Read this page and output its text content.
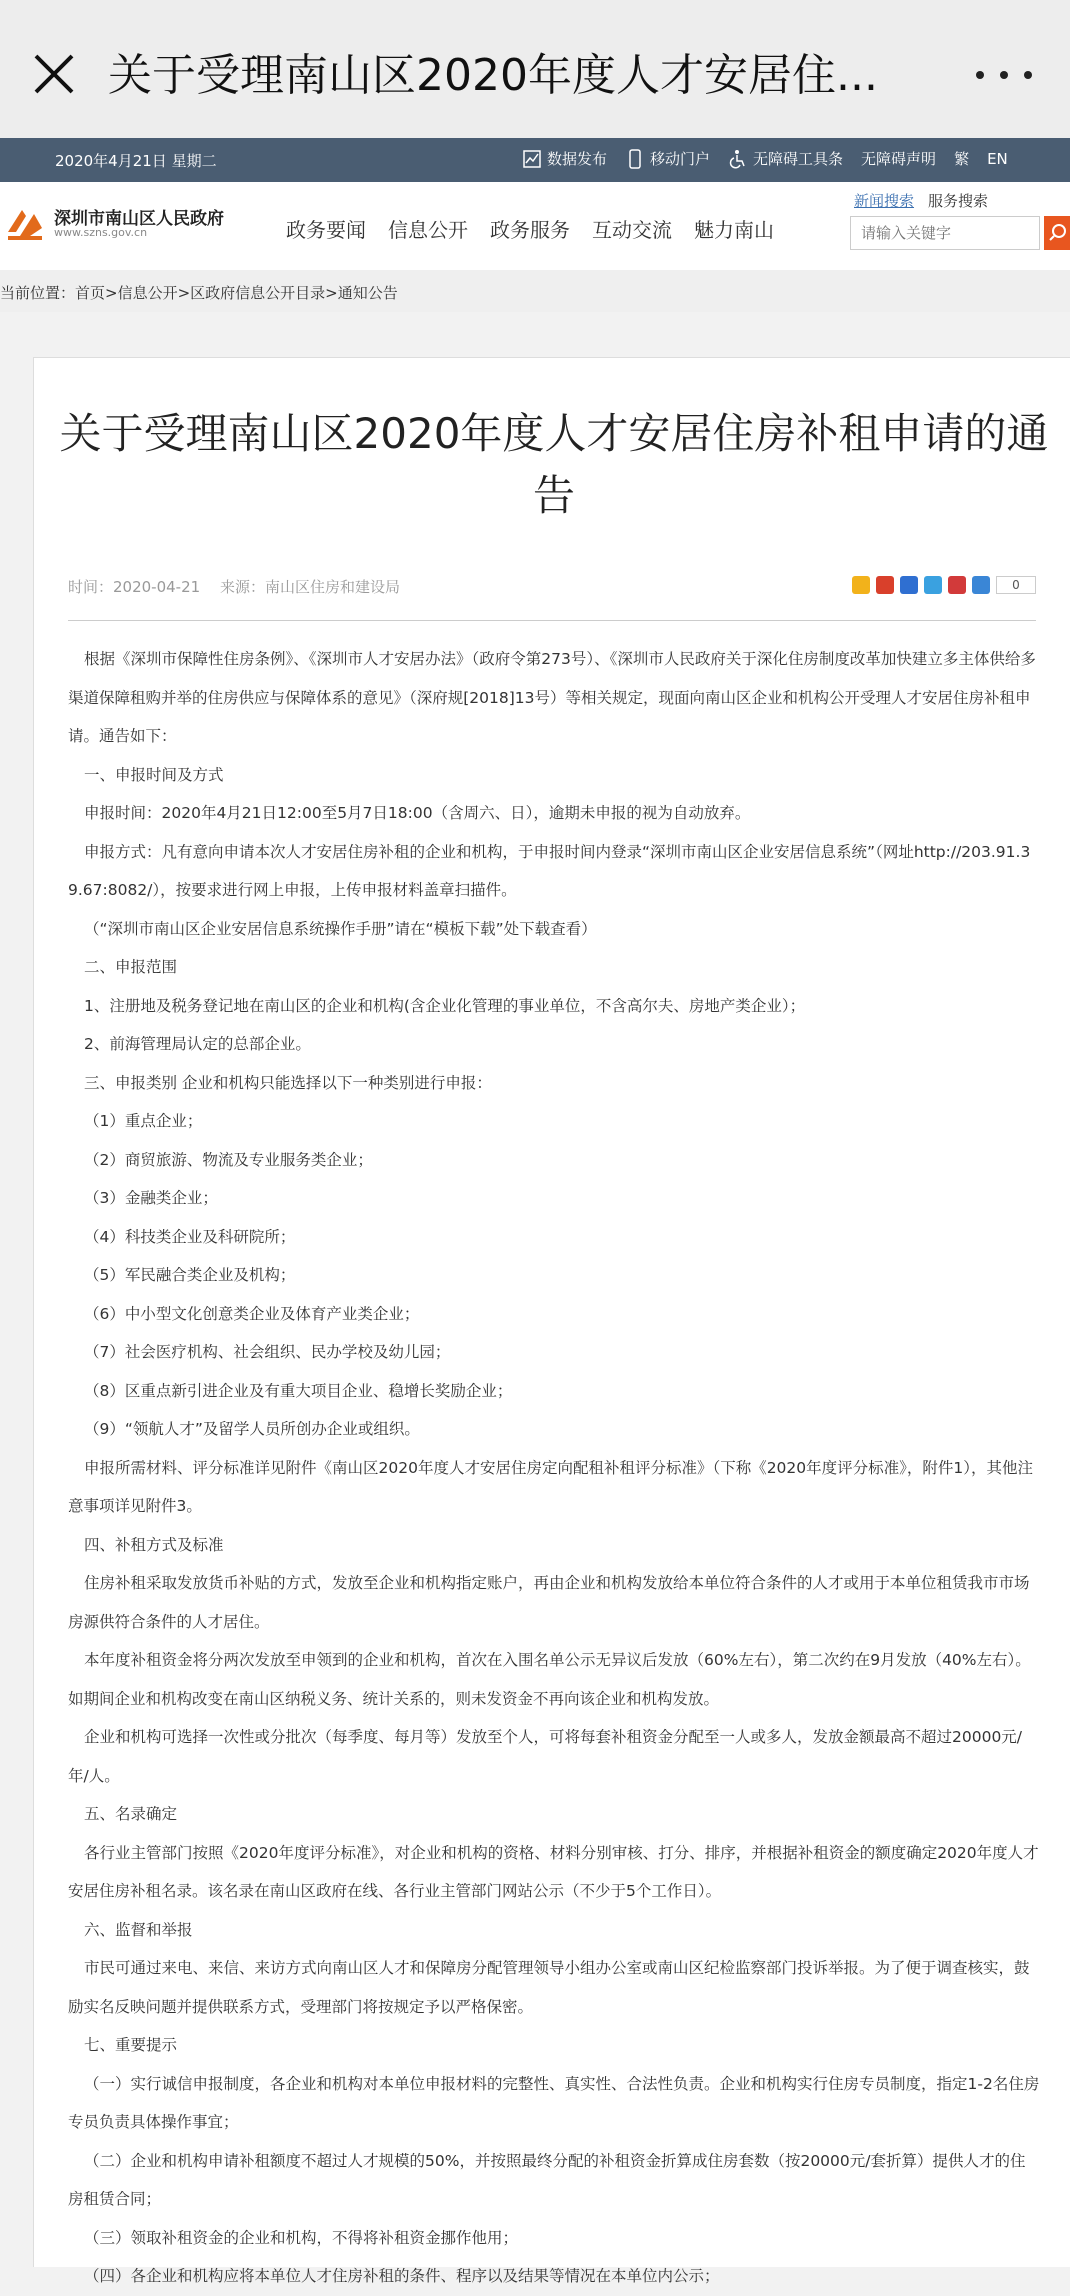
关于受理南山区2020年度人才安居住...
2020年4月21日 星期二	数据发布	移动门户	无障碍工具条 无障碍声明 繁 EN
深圳市南山区人民政府
www.szns.gov.cn	政务要闻 信息公开 政务服务 互动交流 魅力南山
新闻搜索 服务搜索
请输入关键字
当前位置：首页>信息公开>区政府信息公开目录>通知公告
关于受理南山区2020年度人才安居住房补租申请的通告
时间：2020-04-21　 来源：南山区住房和建设局	0

根据《深圳市保障性住房条例》、《深圳市人才安居办法》（政府令第273号）、《深圳市人民政府关于深化住房制度改革加快建立多主体供给多渠道保障租购并举的住房供应与保障体系的意见》（深府规[2018]13号）等相关规定，现面向南山区企业和机构公开受理人才安居住房补租申请。通告如下：

一、申报时间及方式

申报时间：2020年4月21日12:00至5月7日18:00（含周六、日），逾期未申报的视为自动放弃。

申报方式：凡有意向申请本次人才安居住房补租的企业和机构，于申报时间内登录“深圳市南山区企业安居信息系统”（网址http://203.91.39.67:8082/），按要求进行网上申报，上传申报材料盖章扫描件。

（“深圳市南山区企业安居信息系统操作手册”请在“模板下载”处下载查看）

二、申报范围

1、注册地及税务登记地在南山区的企业和机构(含企业化管理的事业单位，不含高尔夫、房地产类企业）；

2、前海管理局认定的总部企业。

三、申报类别 企业和机构只能选择以下一种类别进行申报：

（1）重点企业；

（2）商贸旅游、物流及专业服务类企业；

（3）金融类企业；

（4）科技类企业及科研院所；

（5）军民融合类企业及机构；

（6）中小型文化创意类企业及体育产业类企业；

（7）社会医疗机构、社会组织、民办学校及幼儿园；

（8）区重点新引进企业及有重大项目企业、稳增长奖励企业；

（9）“领航人才”及留学人员所创办企业或组织。

申报所需材料、评分标准详见附件《南山区2020年度人才安居住房定向配租补租评分标准》（下称《2020年度评分标准》，附件1），其他注意事项详见附件3。

四、补租方式及标准

住房补租采取发放货币补贴的方式，发放至企业和机构指定账户，再由企业和机构发放给本单位符合条件的人才或用于本单位租赁我市市场房源供符合条件的人才居住。

本年度补租资金将分两次发放至申领到的企业和机构，首次在入围名单公示无异议后发放（60%左右），第二次约在9月发放（40%左右）。如期间企业和机构改变在南山区纳税义务、统计关系的，则未发资金不再向该企业和机构发放。

企业和机构可选择一次性或分批次（每季度、每月等）发放至个人，可将每套补租资金分配至一人或多人，发放金额最高不超过20000元/年/人。

五、名录确定

各行业主管部门按照《2020年度评分标准》，对企业和机构的资格、材料分别审核、打分、排序，并根据补租资金的额度确定2020年度人才安居住房补租名录。该名录在南山区政府在线、各行业主管部门网站公示（不少于5个工作日）。

六、监督和举报

市民可通过来电、来信、来访方式向南山区人才和保障房分配管理领导小组办公室或南山区纪检监察部门投诉举报。为了便于调查核实，鼓励实名反映问题并提供联系方式，受理部门将按规定予以严格保密。

七、重要提示

（一）实行诚信申报制度，各企业和机构对本单位申报材料的完整性、真实性、合法性负责。企业和机构实行住房专员制度，指定1-2名住房专员负责具体操作事宜；

（二）企业和机构申请补租额度不超过人才规模的50%，并按照最终分配的补租资金折算成住房套数（按20000元/套折算）提供人才的住房租赁合同；

（三）领取补租资金的企业和机构，不得将补租资金挪作他用；

（四）各企业和机构应将本单位人才住房补租的条件、程序以及结果等情况在本单位内公示；
